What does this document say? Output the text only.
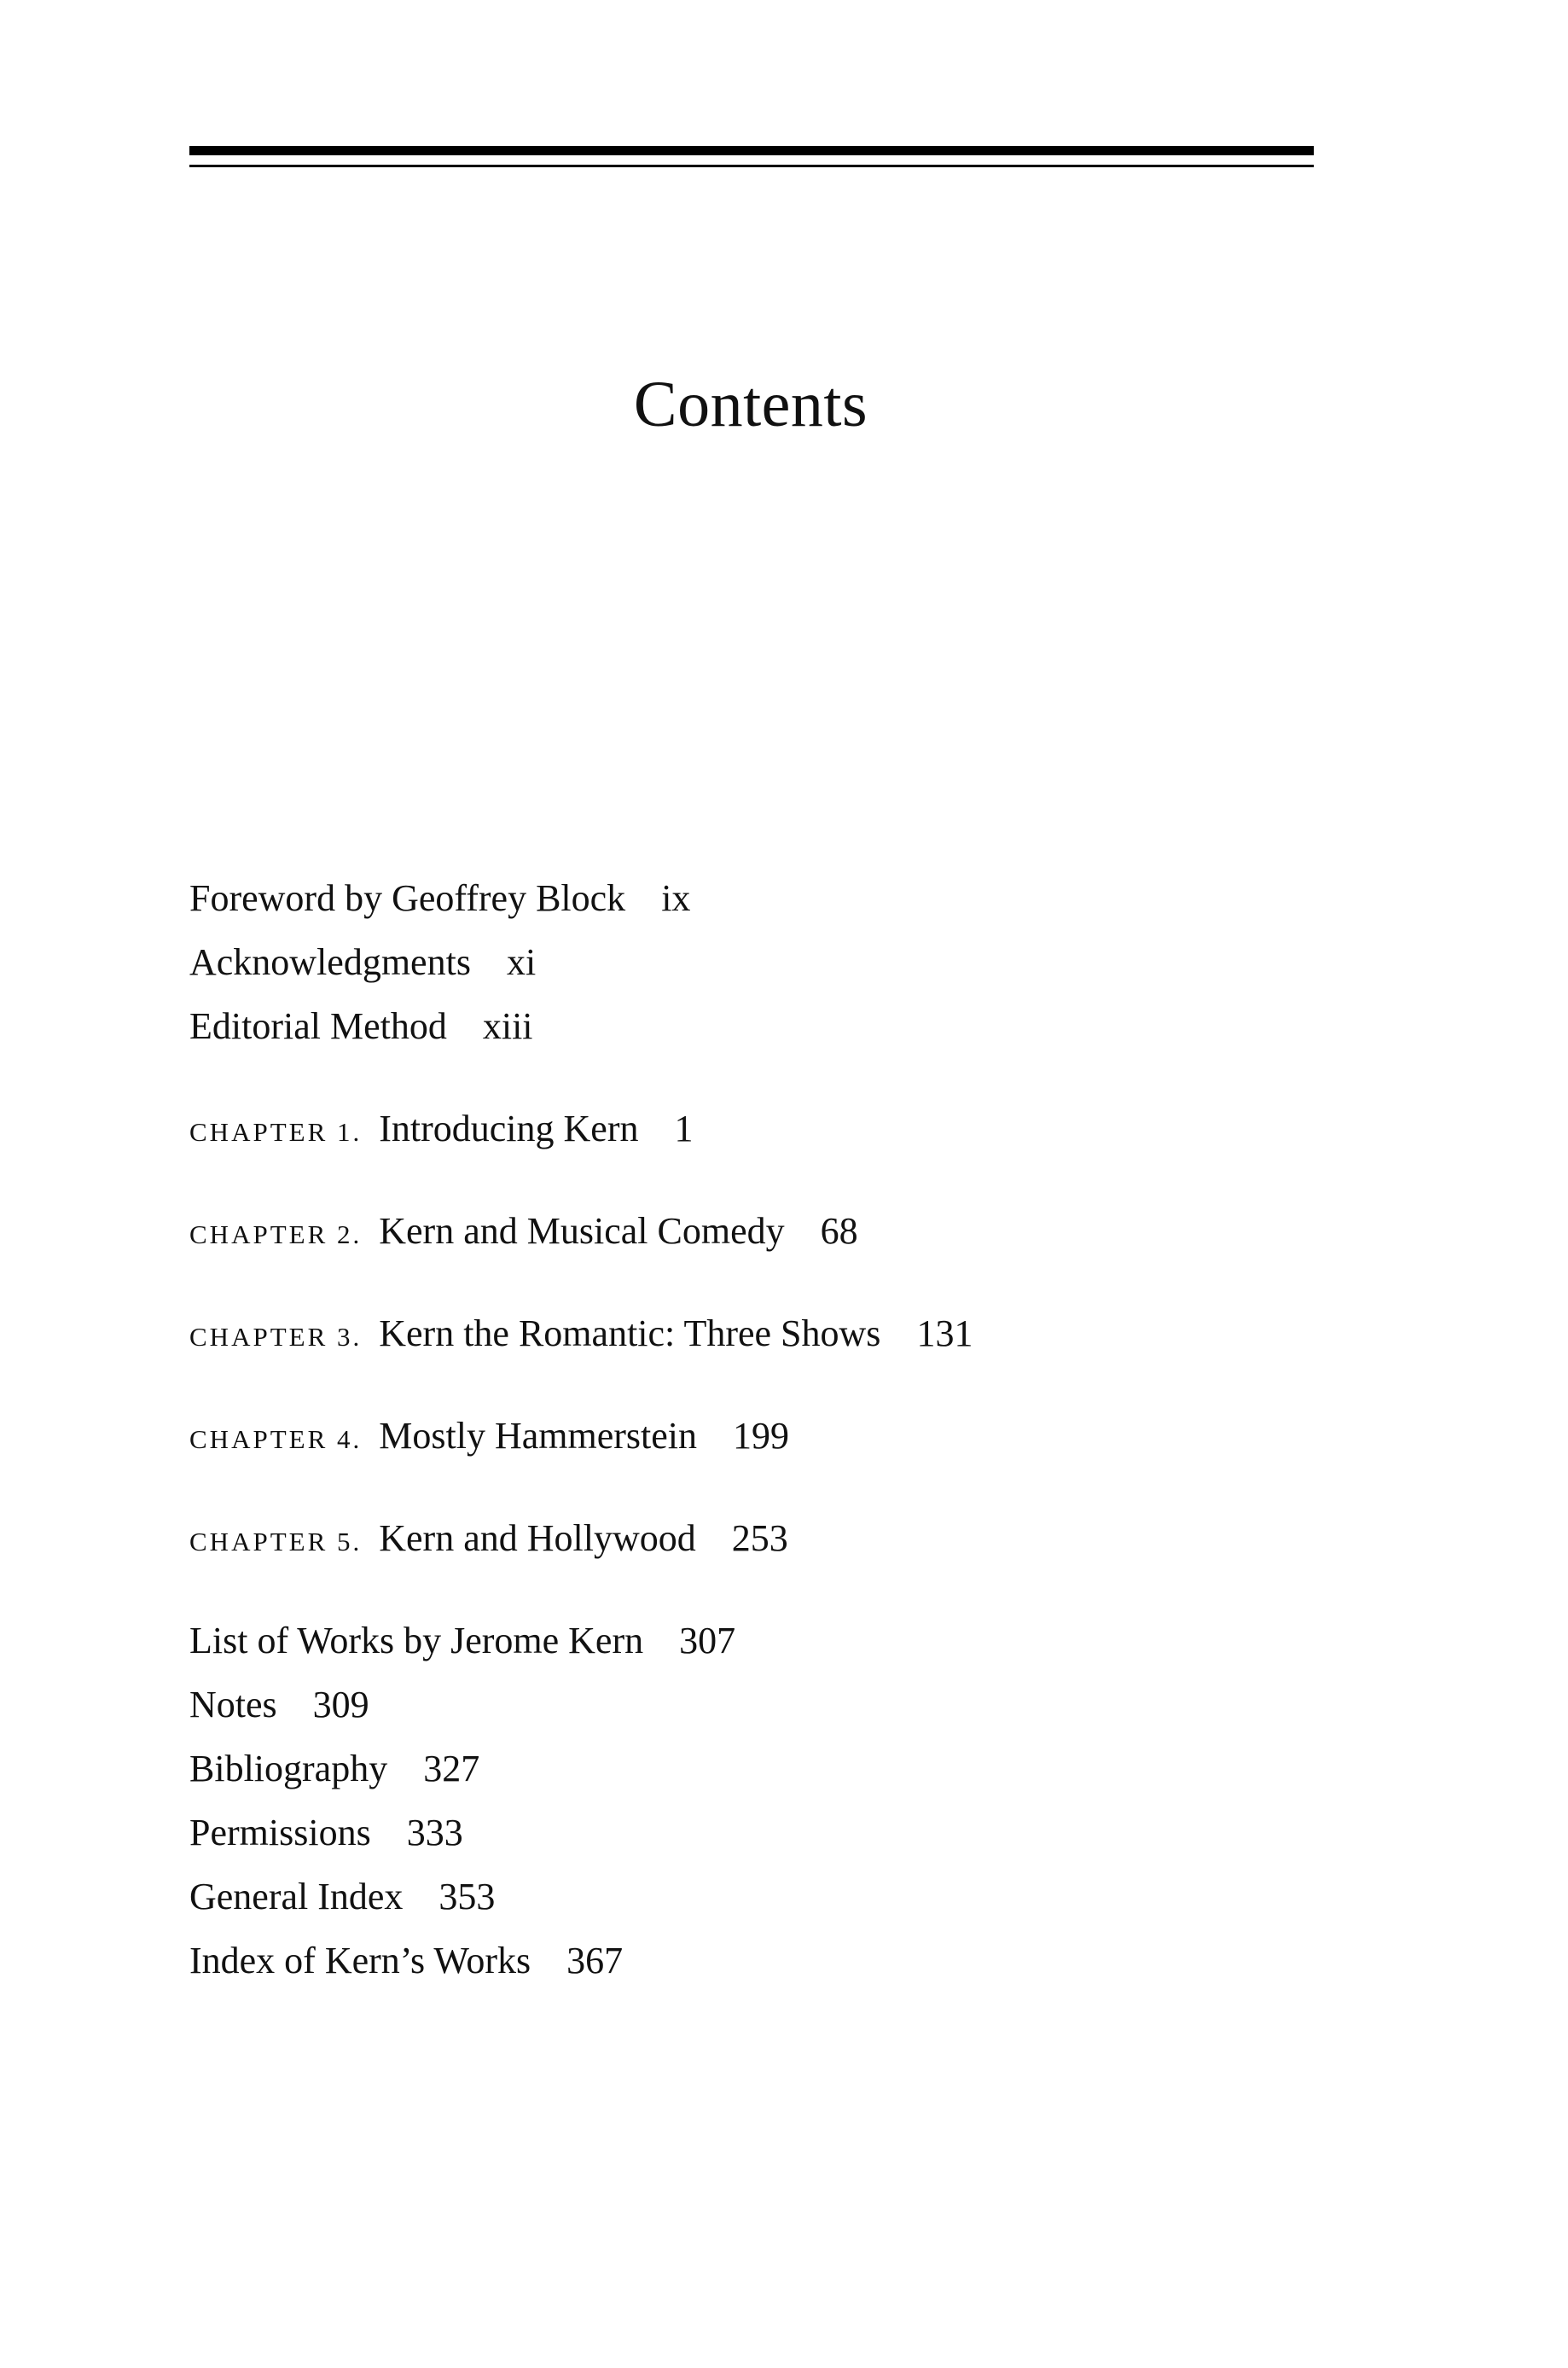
Contents
Foreword by Geoffrey Block ix
Acknowledgments xi
Editorial Method xiii
CHAPTER 1. Introducing Kern 1
CHAPTER 2. Kern and Musical Comedy 68
CHAPTER 3. Kern the Romantic: Three Shows 131
CHAPTER 4. Mostly Hammerstein 199
CHAPTER 5. Kern and Hollywood 253
List of Works by Jerome Kern 307
Notes 309
Bibliography 327
Permissions 333
General Index 353
Index of Kern’s Works 367
